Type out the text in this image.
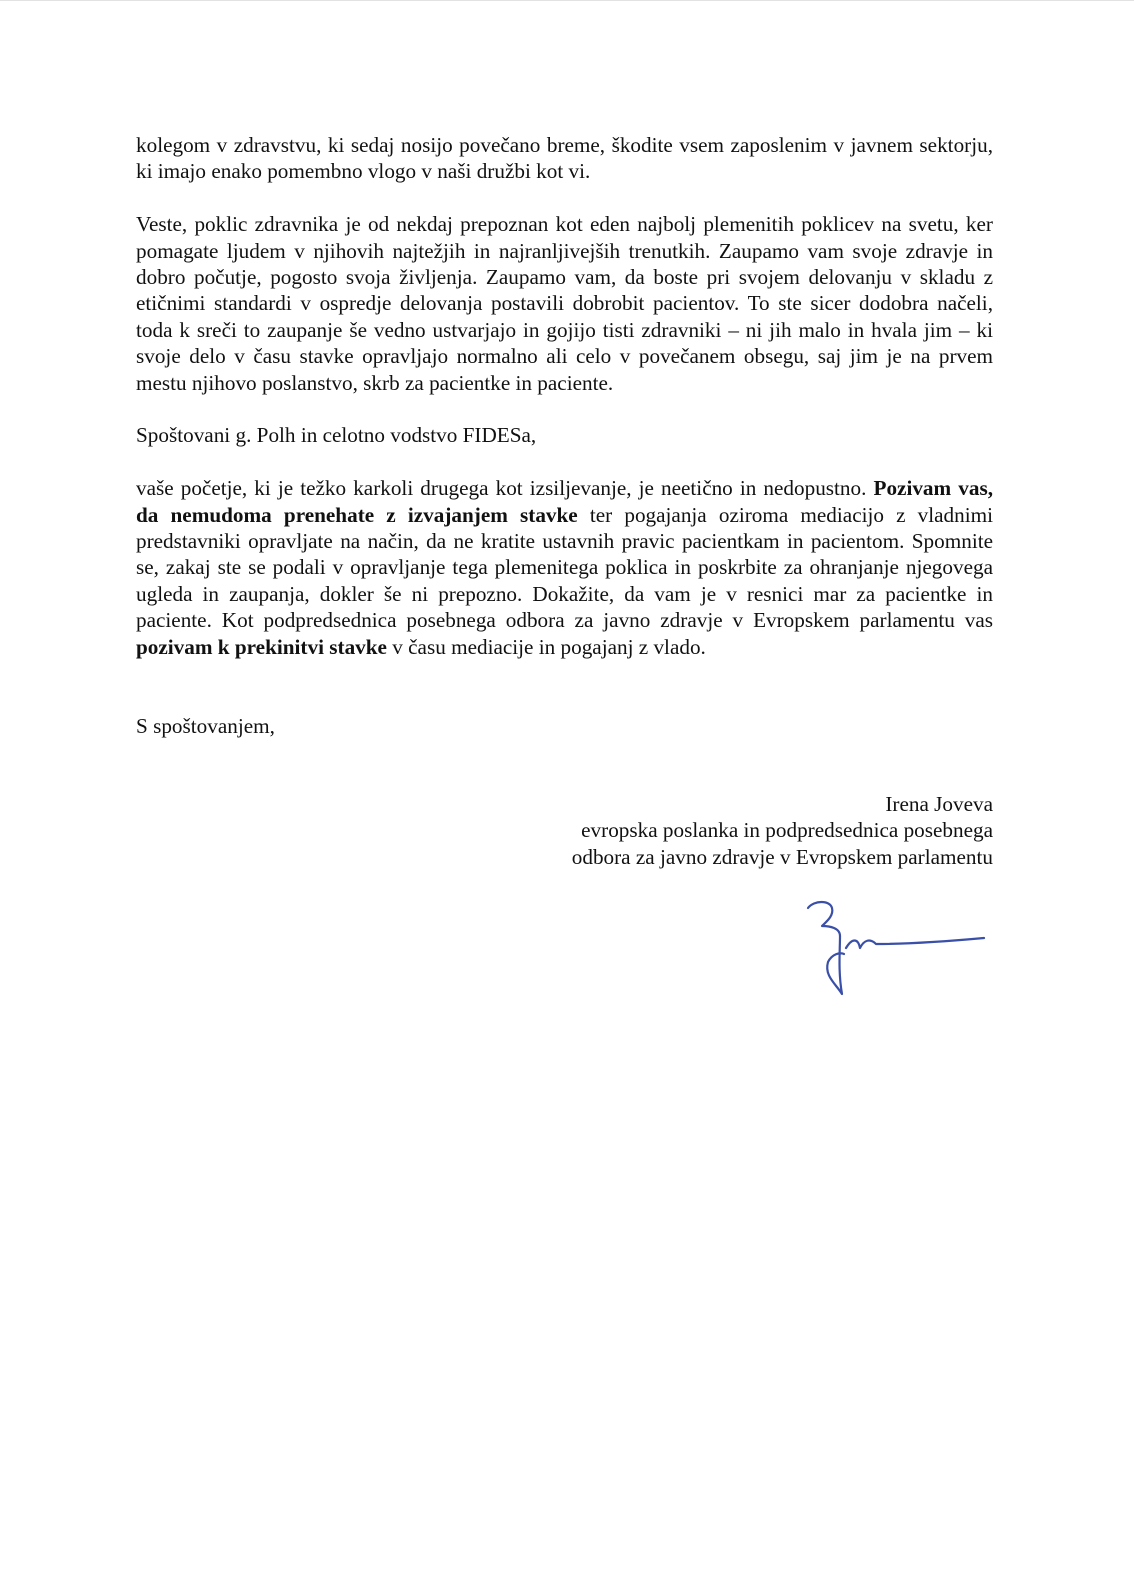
kolegom v zdravstvu, ki sedaj nosijo povečano breme, škodite vsem zaposlenim v javnem sektorju, ki imajo enako pomembno vlogo v naši družbi kot vi.

Veste, poklic zdravnika je od nekdaj prepoznan kot eden najbolj plemenitih poklicev na svetu, ker pomagate ljudem v njihovih najtežjih in najranljivejših trenutkih. Zaupamo vam svoje zdravje in dobro počutje, pogosto svoja življenja. Zaupamo vam, da boste pri svojem delovanju v skladu z etičnimi standardi v ospredje delovanja postavili dobrobit pacientov. To ste sicer dodobra načeli, toda k sreči to zaupanje še vedno ustvarjajo in gojijo tisti zdravniki – ni jih malo in hvala jim – ki svoje delo v času stavke opravljajo normalno ali celo v povečanem obsegu, saj jim je na prvem mestu njihovo poslanstvo, skrb za pacientke in paciente.

Spoštovani g. Polh in celotno vodstvo FIDESa,

vaše početje, ki je težko karkoli drugega kot izsiljevanje, je neetično in nedopustno. Pozivam vas, da nemudoma prenehate z izvajanjem stavke ter pogajanja oziroma mediacijo z vladnimi predstavniki opravljate na način, da ne kratite ustavnih pravic pacientkam in pacientom. Spomnite se, zakaj ste se podali v opravljanje tega plemenitega poklica in poskrbite za ohranjanje njegovega ugleda in zaupanja, dokler še ni prepozno. Dokažite, da vam je v resnici mar za pacientke in paciente. Kot podpredsednica posebnega odbora za javno zdravje v Evropskem parlamentu vas pozivam k prekinitvi stavke v času mediacije in pogajanj z vlado.

S spoštovanjem,

Irena Joveva
evropska poslanka in podpredsednica posebnega
odbora za javno zdravje v Evropskem parlamentu
